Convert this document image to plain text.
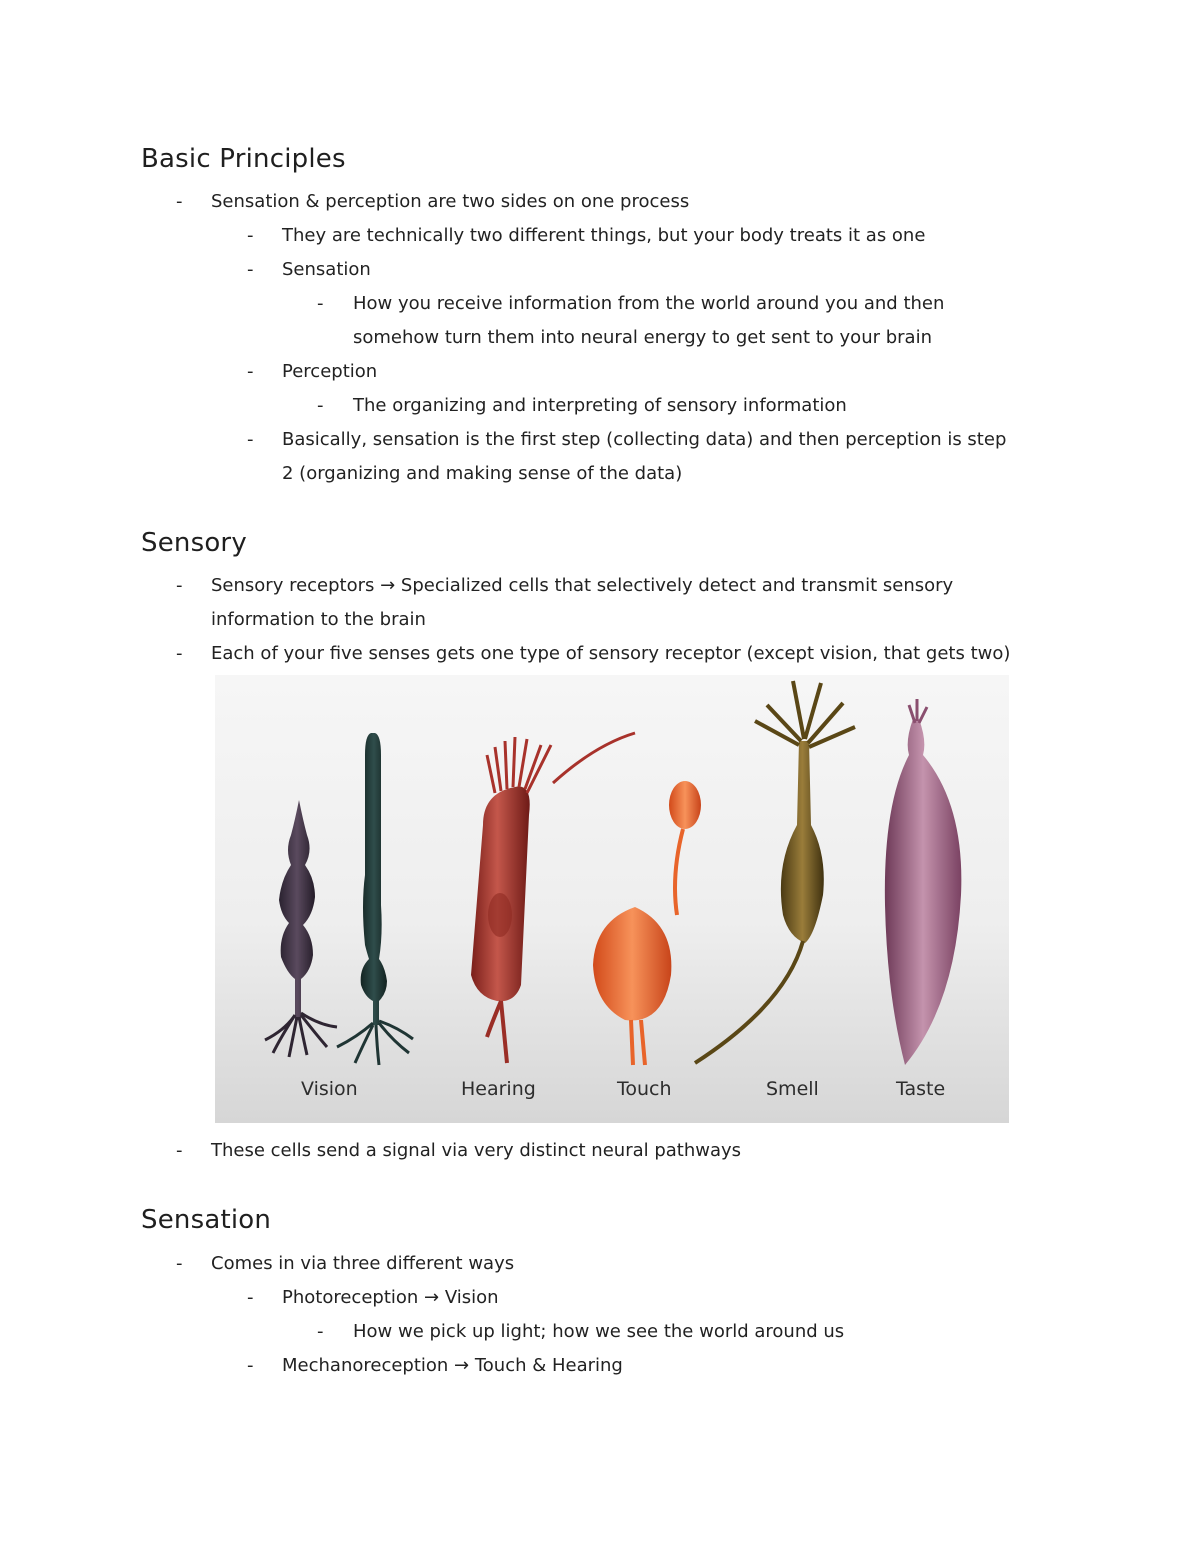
Basic Principles
- Sensation & perception are two sides on one process
- They are technically two different things, but your body treats it as one
- Sensation
- How you receive information from the world around you and then
somehow turn them into neural energy to get sent to your brain
- Perception
- The organizing and interpreting of sensory information
- Basically, sensation is the first step (collecting data) and then perception is step
2 (organizing and making sense of the data)
Sensory
- Sensory receptors → Specialized cells that selectively detect and transmit sensory
information to the brain
- Each of your five senses gets one type of sensory receptor (except vision, that gets two)
Vision	Hearing	Touch	Smell	Taste
- These cells send a signal via very distinct neural pathways
Sensation
- Comes in via three different ways
- Photoreception → Vision
- How we pick up light; how we see the world around us
- Mechanoreception → Touch & Hearing
